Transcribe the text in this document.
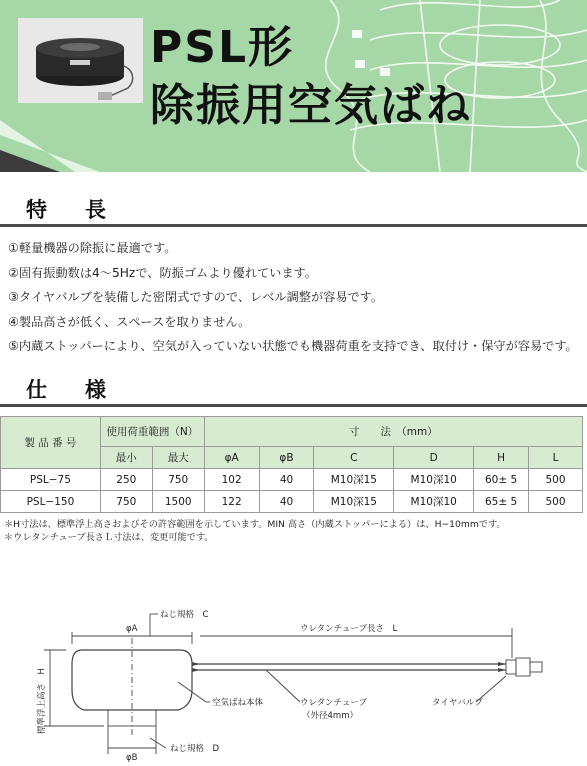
PSL形
除振用空気ばね
特長
①軽量機器の除振に最適です。
②固有振動数は4～5Hzで、防振ゴムより優れています。
③タイヤバルブを装備した密閉式ですので、レベル調整が容易です。
④製品高さが低く、スペースを取りません。
⑤内蔵ストッパーにより、空気が入っていない状態でも機器荷重を支持でき、取付け・保守が容易です。
仕様
製 品 番 号	使用荷重範囲（N）		寸　　法　（mm）					
	最小	最大	φA	φB	C	D	H	L
PSL−75	250	750	102	40	M10深15	M10深10	60± 5	500
PSL−150	750	1500	122	40	M10深15	M10深10	65± 5	500
＊H寸法は、標準浮上高さおよびその許容範囲を示しています。MIN 高さ（内蔵ストッパーによる）は、H−10mmです。
＊ウレタンチューブ長さＬ寸法は、変更可能です。
ねじ規格　C
φA	ウレタンチューブ長さ　L
標準浮上高さ　H	空気ばね本体	ウレタンチューブ
（外径4mm）
タイヤバルブ
φB
ねじ規格　D
